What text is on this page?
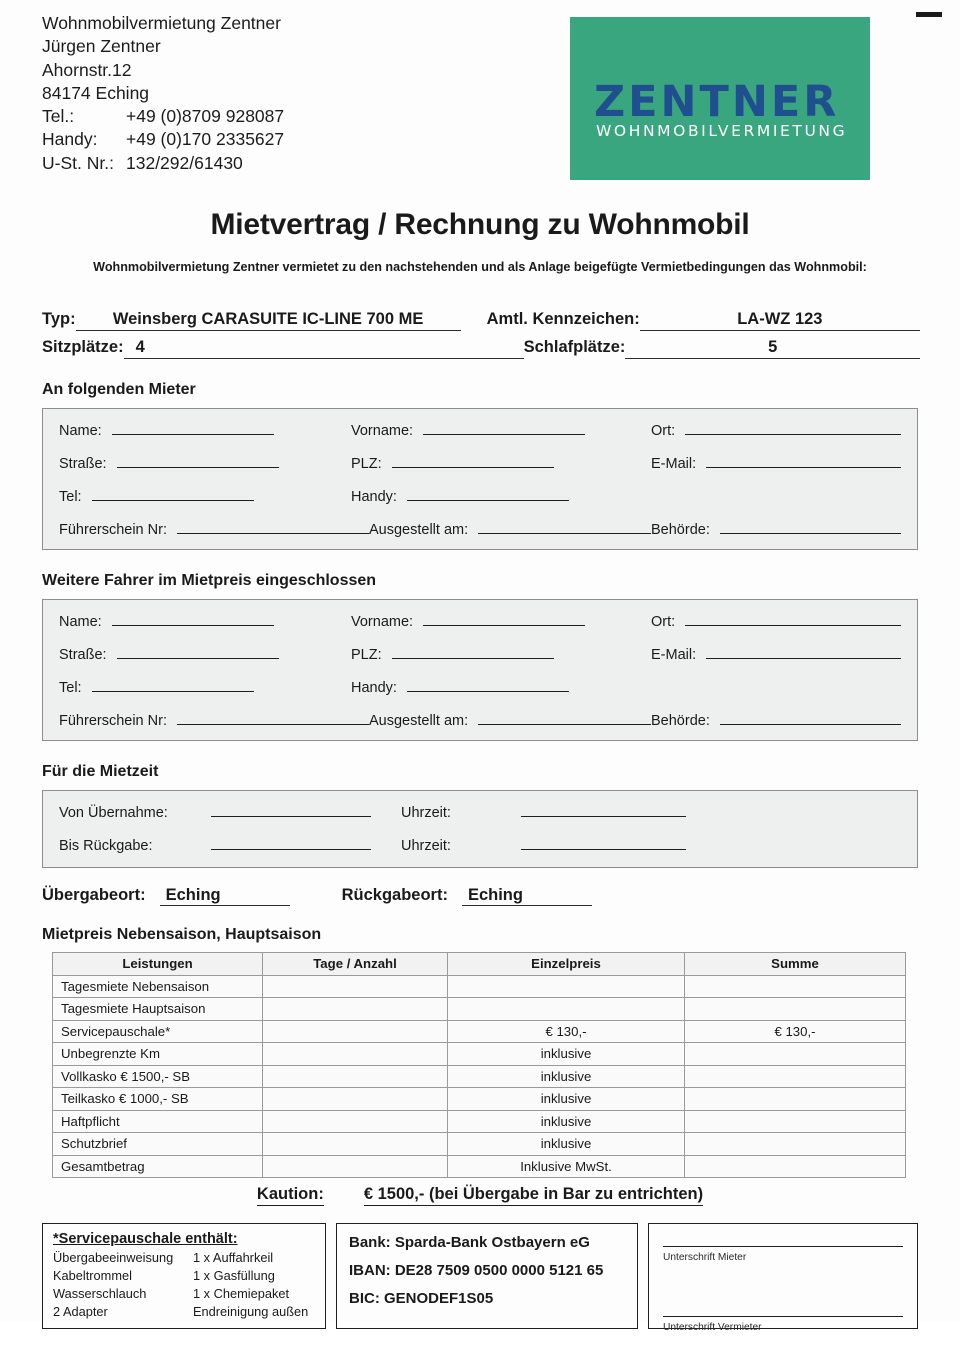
Wohnmobilvermietung Zentner
Jürgen Zentner
Ahornstr.12
84174 Eching
Tel.:	+49 (0)8709 928087
Handy:	+49 (0)170 2335627
U-St. Nr.: 132/292/61430
ZENTNER
WOHNMOBILVERMIETUNG
Mietvertrag / Rechnung zu Wohnmobil
Wohnmobilvermietung Zentner vermietet zu den nachstehenden und als Anlage beigefügte Vermietbedingungen das Wohnmobil:
Typ:	Weinsberg CARASUITE IC-LINE 700 ME	Amtl. Kennzeichen:	LA-WZ 123
Sitzplätze: 4	Schlafplätze:	5
An folgenden Mieter
Name:	Vorname:	Ort:
Straße:	PLZ:	E-Mail:
Tel:	Handy:
Führerschein Nr:	Ausgestellt am:	Behörde:
Weitere Fahrer im Mietpreis eingeschlossen
Name:	Vorname:	Ort:
Straße:	PLZ:	E-Mail:
Tel:	Handy:
Führerschein Nr:	Ausgestellt am:	Behörde:
Für die Mietzeit
Von Übernahme:	Uhrzeit:
Bis Rückgabe:	Uhrzeit:
Übergabeort:	Eching	Rückgabeort:	Eching
Mietpreis Nebensaison, Hauptsaison
Leistungen	Tage / Anzahl	Einzelpreis	Summe
Tagesmiete Nebensaison			
Tagesmiete Hauptsaison			
Servicepauschale*		€ 130,-	€ 130,-
Unbegrenzte Km		inklusive	
Vollkasko € 1500,- SB		inklusive	
Teilkasko € 1000,- SB		inklusive	
Haftpflicht		inklusive	
Schutzbrief		inklusive	
Gesamtbetrag		Inklusive MwSt.	
Kaution: € 1500,- (bei Übergabe in Bar zu entrichten)
*Servicepauschale enthält:
Übergabeeinweisung	1 x Auffahrkeil
Kabeltrommel	1 x Gasfüllung
Wasserschlauch	1 x Chemiepaket
2 Adapter	Endreinigung außen
Bank: Sparda-Bank Ostbayern eG
IBAN: DE28 7509 0500 0000 5121 65
BIC: GENODEF1S05
Unterschrift Mieter
Unterschrift Vermieter
